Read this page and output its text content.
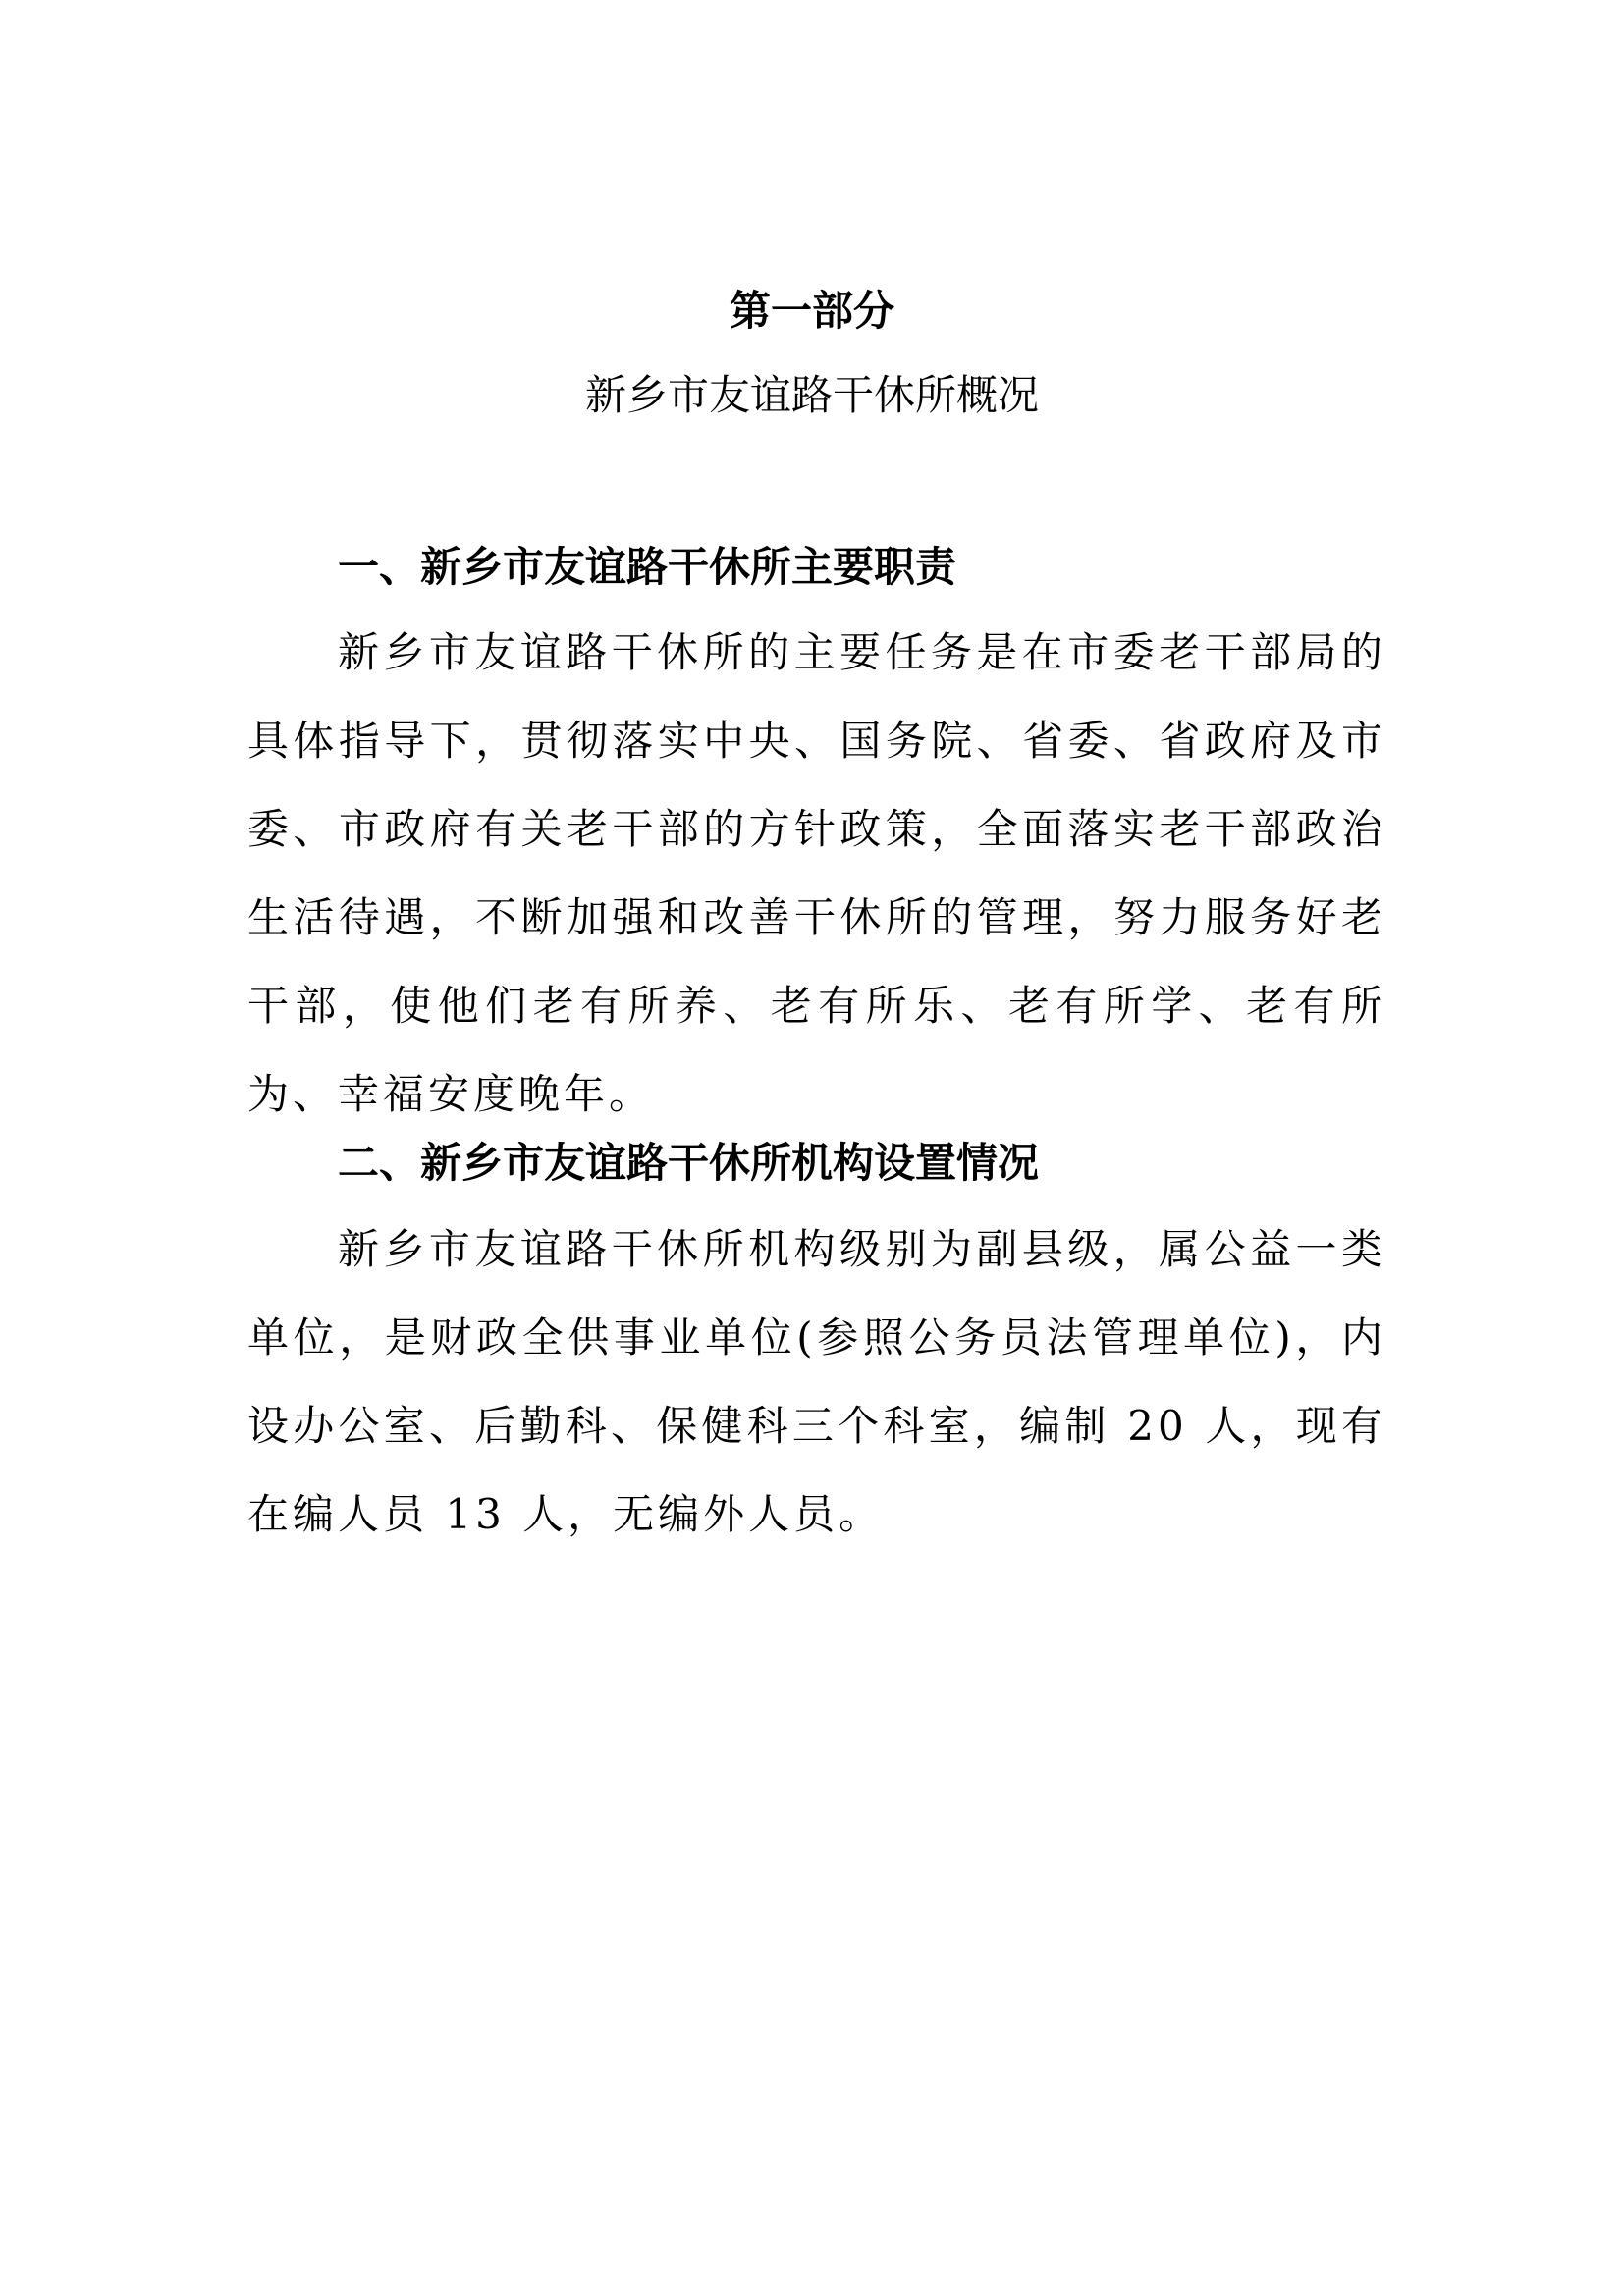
第一部分
新乡市友谊路干休所概况
一、新乡市友谊路干休所主要职责

新乡市友谊路干休所的主要任务是在市委老干部局的具体指导下，贯彻落实中央、国务院、省委、省政府及市委、市政府有关老干部的方针政策，全面落实老干部政治生活待遇，不断加强和改善干休所的管理，努力服务好老干部，使他们老有所养、老有所乐、老有所学、老有所为、幸福安度晚年。

二、新乡市友谊路干休所机构设置情况

新乡市友谊路干休所机构级别为副县级，属公益一类单位，是财政全供事业单位(参照公务员法管理单位)，内设办公室、后勤科、保健科三个科室，编制 20 人，现有在编人员 13 人，无编外人员。
